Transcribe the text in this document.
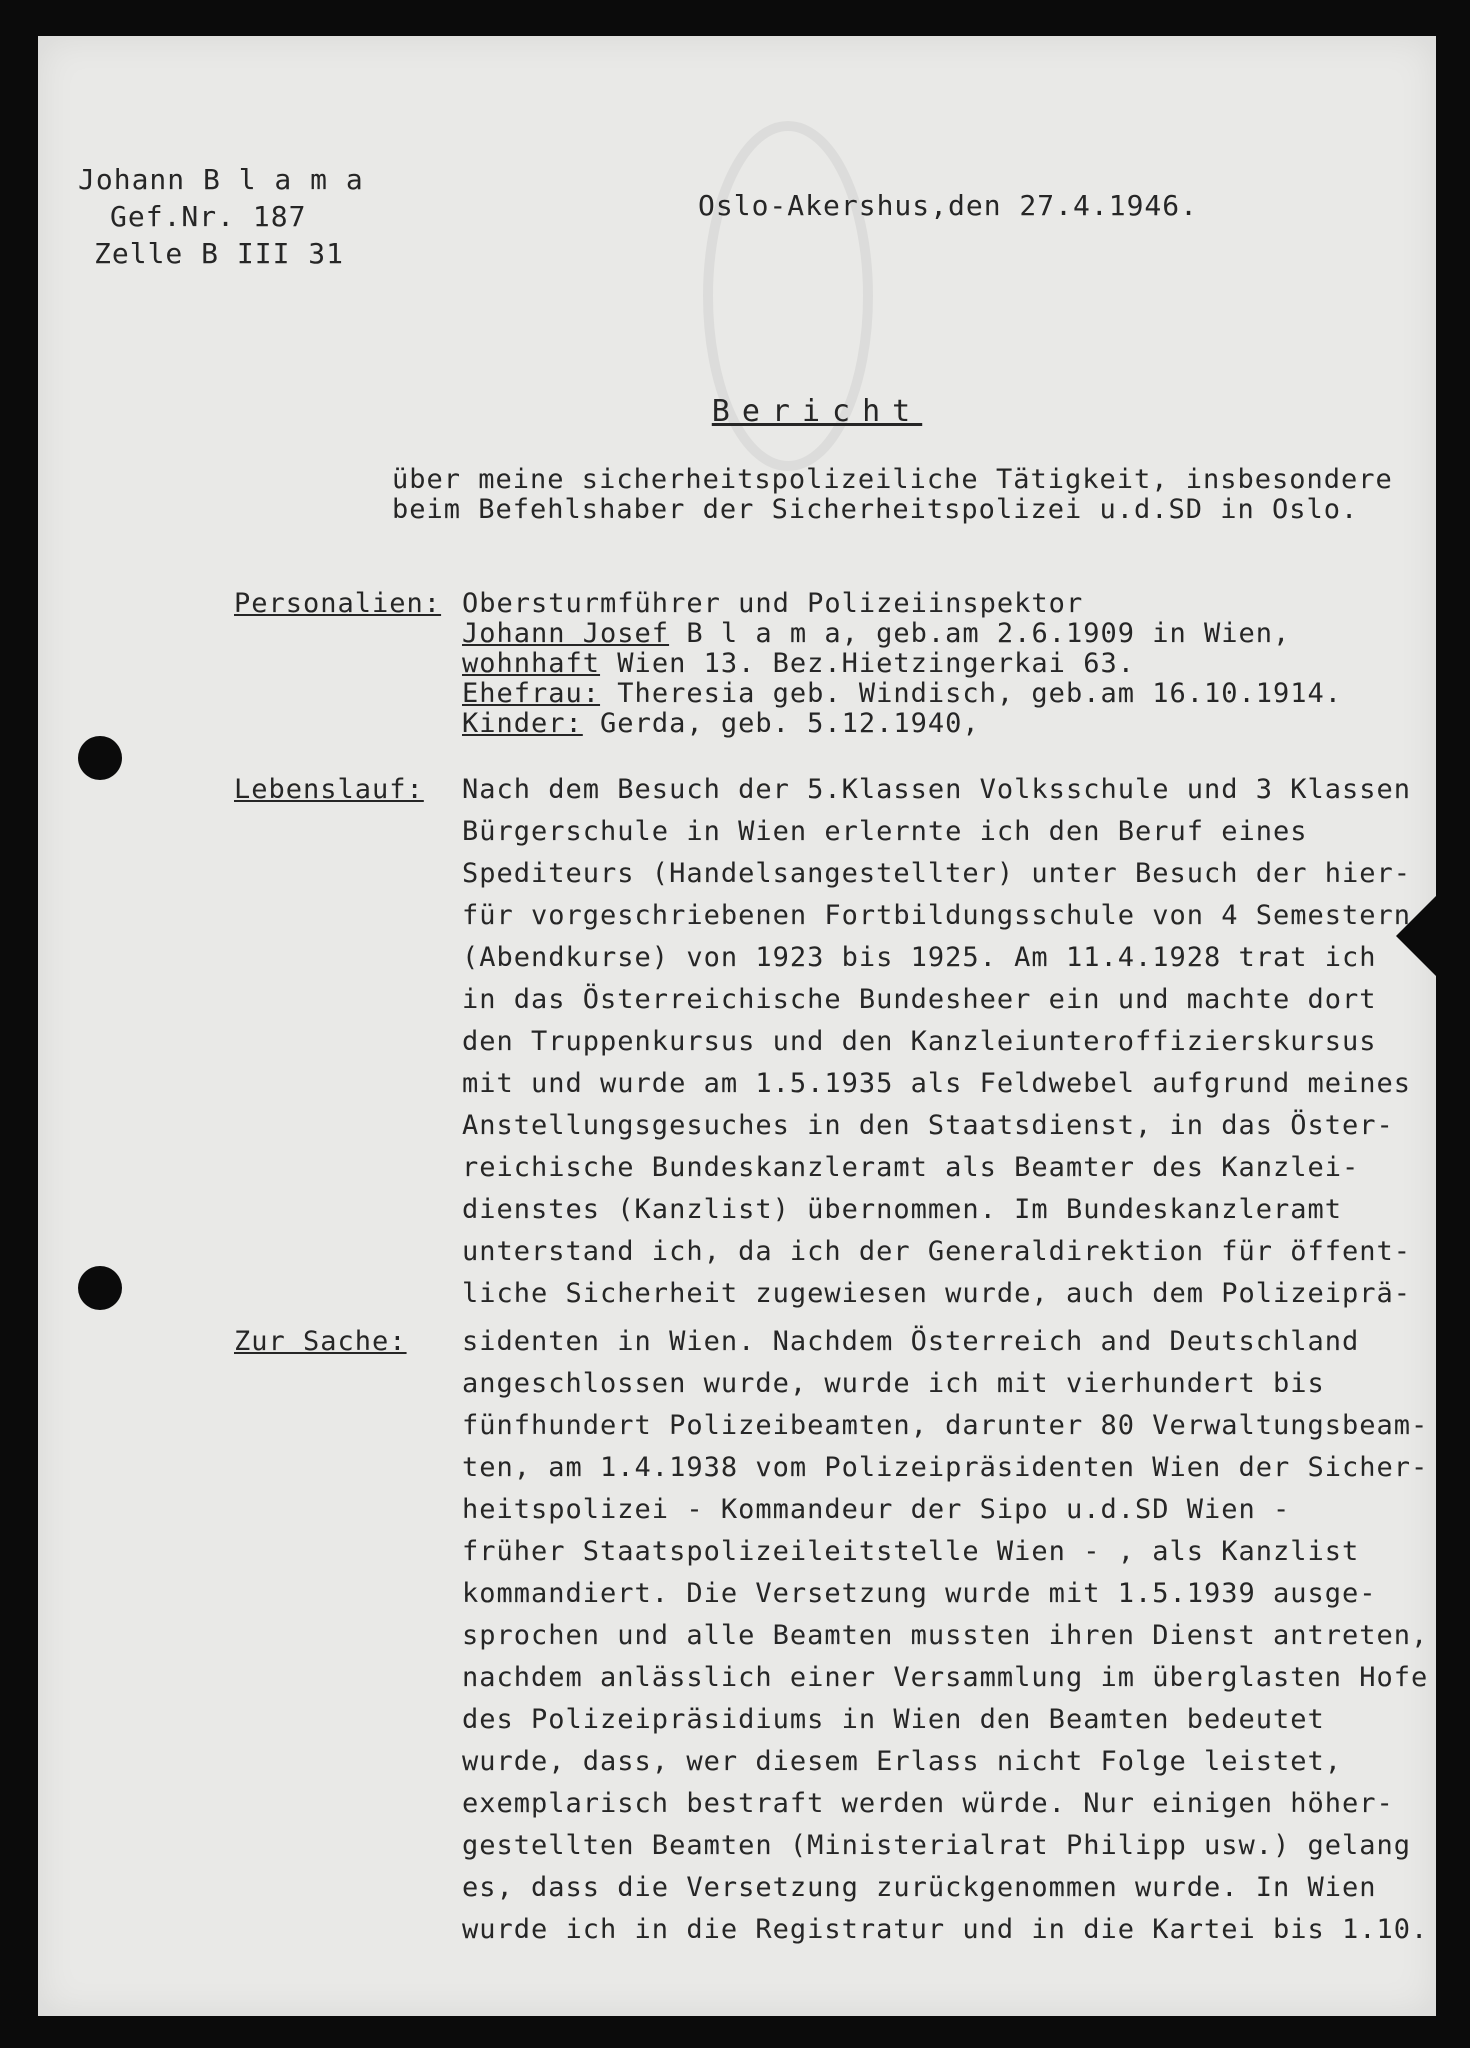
Johann B l a m a
Gef.Nr. 187
Zelle B III 31
Oslo-Akershus,den 27.4.1946.
Bericht
über meine sicherheitspolizeiliche Tätigkeit, insbesondere
beim Befehlshaber der Sicherheitspolizei u.d.SD in Oslo.
Personalien: Obersturmführer und Polizeiinspektor
Johann Josef B l a m a, geb.am 2.6.1909 in Wien,
wohnhaft Wien 13. Bez.Hietzingerkai 63.
Ehefrau: Theresia geb. Windisch, geb.am 16.10.1914.
Kinder: Gerda, geb. 5.12.1940,
Lebenslauf:
Zur Sache:
Nach dem Besuch der 5.Klassen Volksschule und 3 Klassen
Bürgerschule in Wien erlernte ich den Beruf eines
Spediteurs (Handelsangestellter) unter Besuch der hier-
für vorgeschriebenen Fortbildungsschule von 4 Semestern
(Abendkurse) von 1923 bis 1925. Am 11.4.1928 trat ich
in das Österreichische Bundesheer ein und machte dort
den Truppenkursus und den Kanzleiunteroffizierskursus
mit und wurde am 1.5.1935 als Feldwebel aufgrund meines
Anstellungsgesuches in den Staatsdienst, in das Öster-
reichische Bundeskanzleramt als Beamter des Kanzlei-
dienstes (Kanzlist) übernommen. Im Bundeskanzleramt
unterstand ich, da ich der Generaldirektion für öffent-
liche Sicherheit zugewiesen wurde, auch dem Polizeiprä-
sidenten in Wien. Nachdem Österreich and Deutschland
angeschlossen wurde, wurde ich mit vierhundert bis
fünfhundert Polizeibeamten, darunter 80 Verwaltungsbeam-
ten, am 1.4.1938 vom Polizeipräsidenten Wien der Sicher-
heitspolizei - Kommandeur der Sipo u.d.SD Wien -
früher Staatspolizeileitstelle Wien - , als Kanzlist
kommandiert. Die Versetzung wurde mit 1.5.1939 ausge-
sprochen und alle Beamten mussten ihren Dienst antreten,
nachdem anlässlich einer Versammlung im überglasten Hofe
des Polizeipräsidiums in Wien den Beamten bedeutet
wurde, dass, wer diesem Erlass nicht Folge leistet,
exemplarisch bestraft werden würde. Nur einigen höher-
gestellten Beamten (Ministerialrat Philipp usw.) gelang
es, dass die Versetzung zurückgenommen wurde. In Wien
wurde ich in die Registratur und in die Kartei bis 1.10.
